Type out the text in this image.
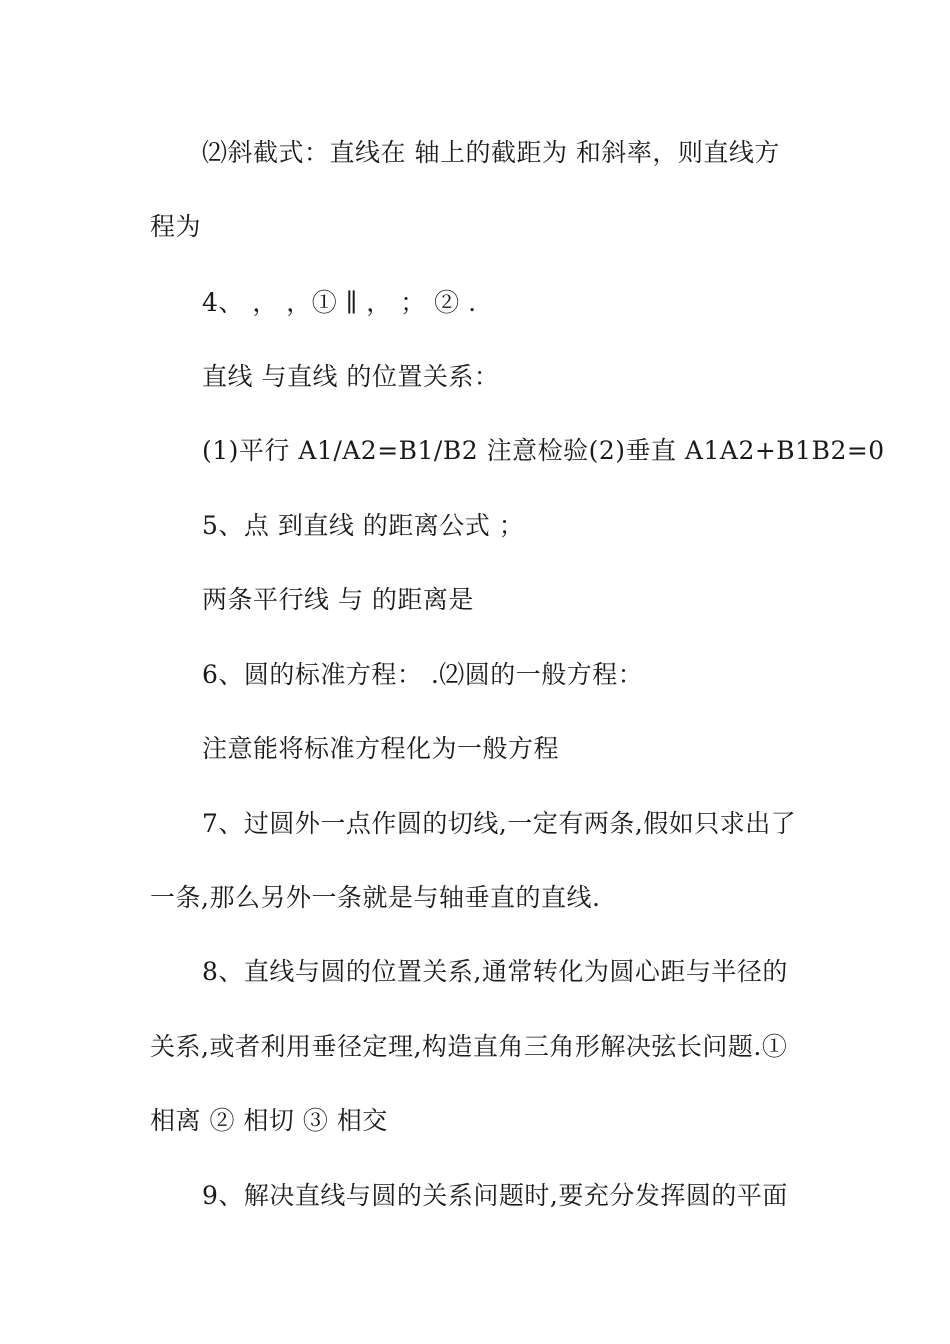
⑵斜截式：直线在 轴上的截距为 和斜率，则直线方
程为
4、 ， ，① ∥ ， ； ② .
直线 与直线 的位置关系：
(1)平行 A1/A2=B1/B2 注意检验(2)垂直 A1A2+B1B2=0
5、点 到直线 的距离公式 ；
两条平行线 与 的距离是
6、圆的标准方程： .⑵圆的一般方程：
注意能将标准方程化为一般方程
7、过圆外一点作圆的切线,一定有两条,假如只求出了
一条,那么另外一条就是与轴垂直的直线.
8、直线与圆的位置关系,通常转化为圆心距与半径的
关系,或者利用垂径定理,构造直角三角形解决弦长问题.①
相离 ② 相切 ③ 相交
9、解决直线与圆的关系问题时,要充分发挥圆的平面
